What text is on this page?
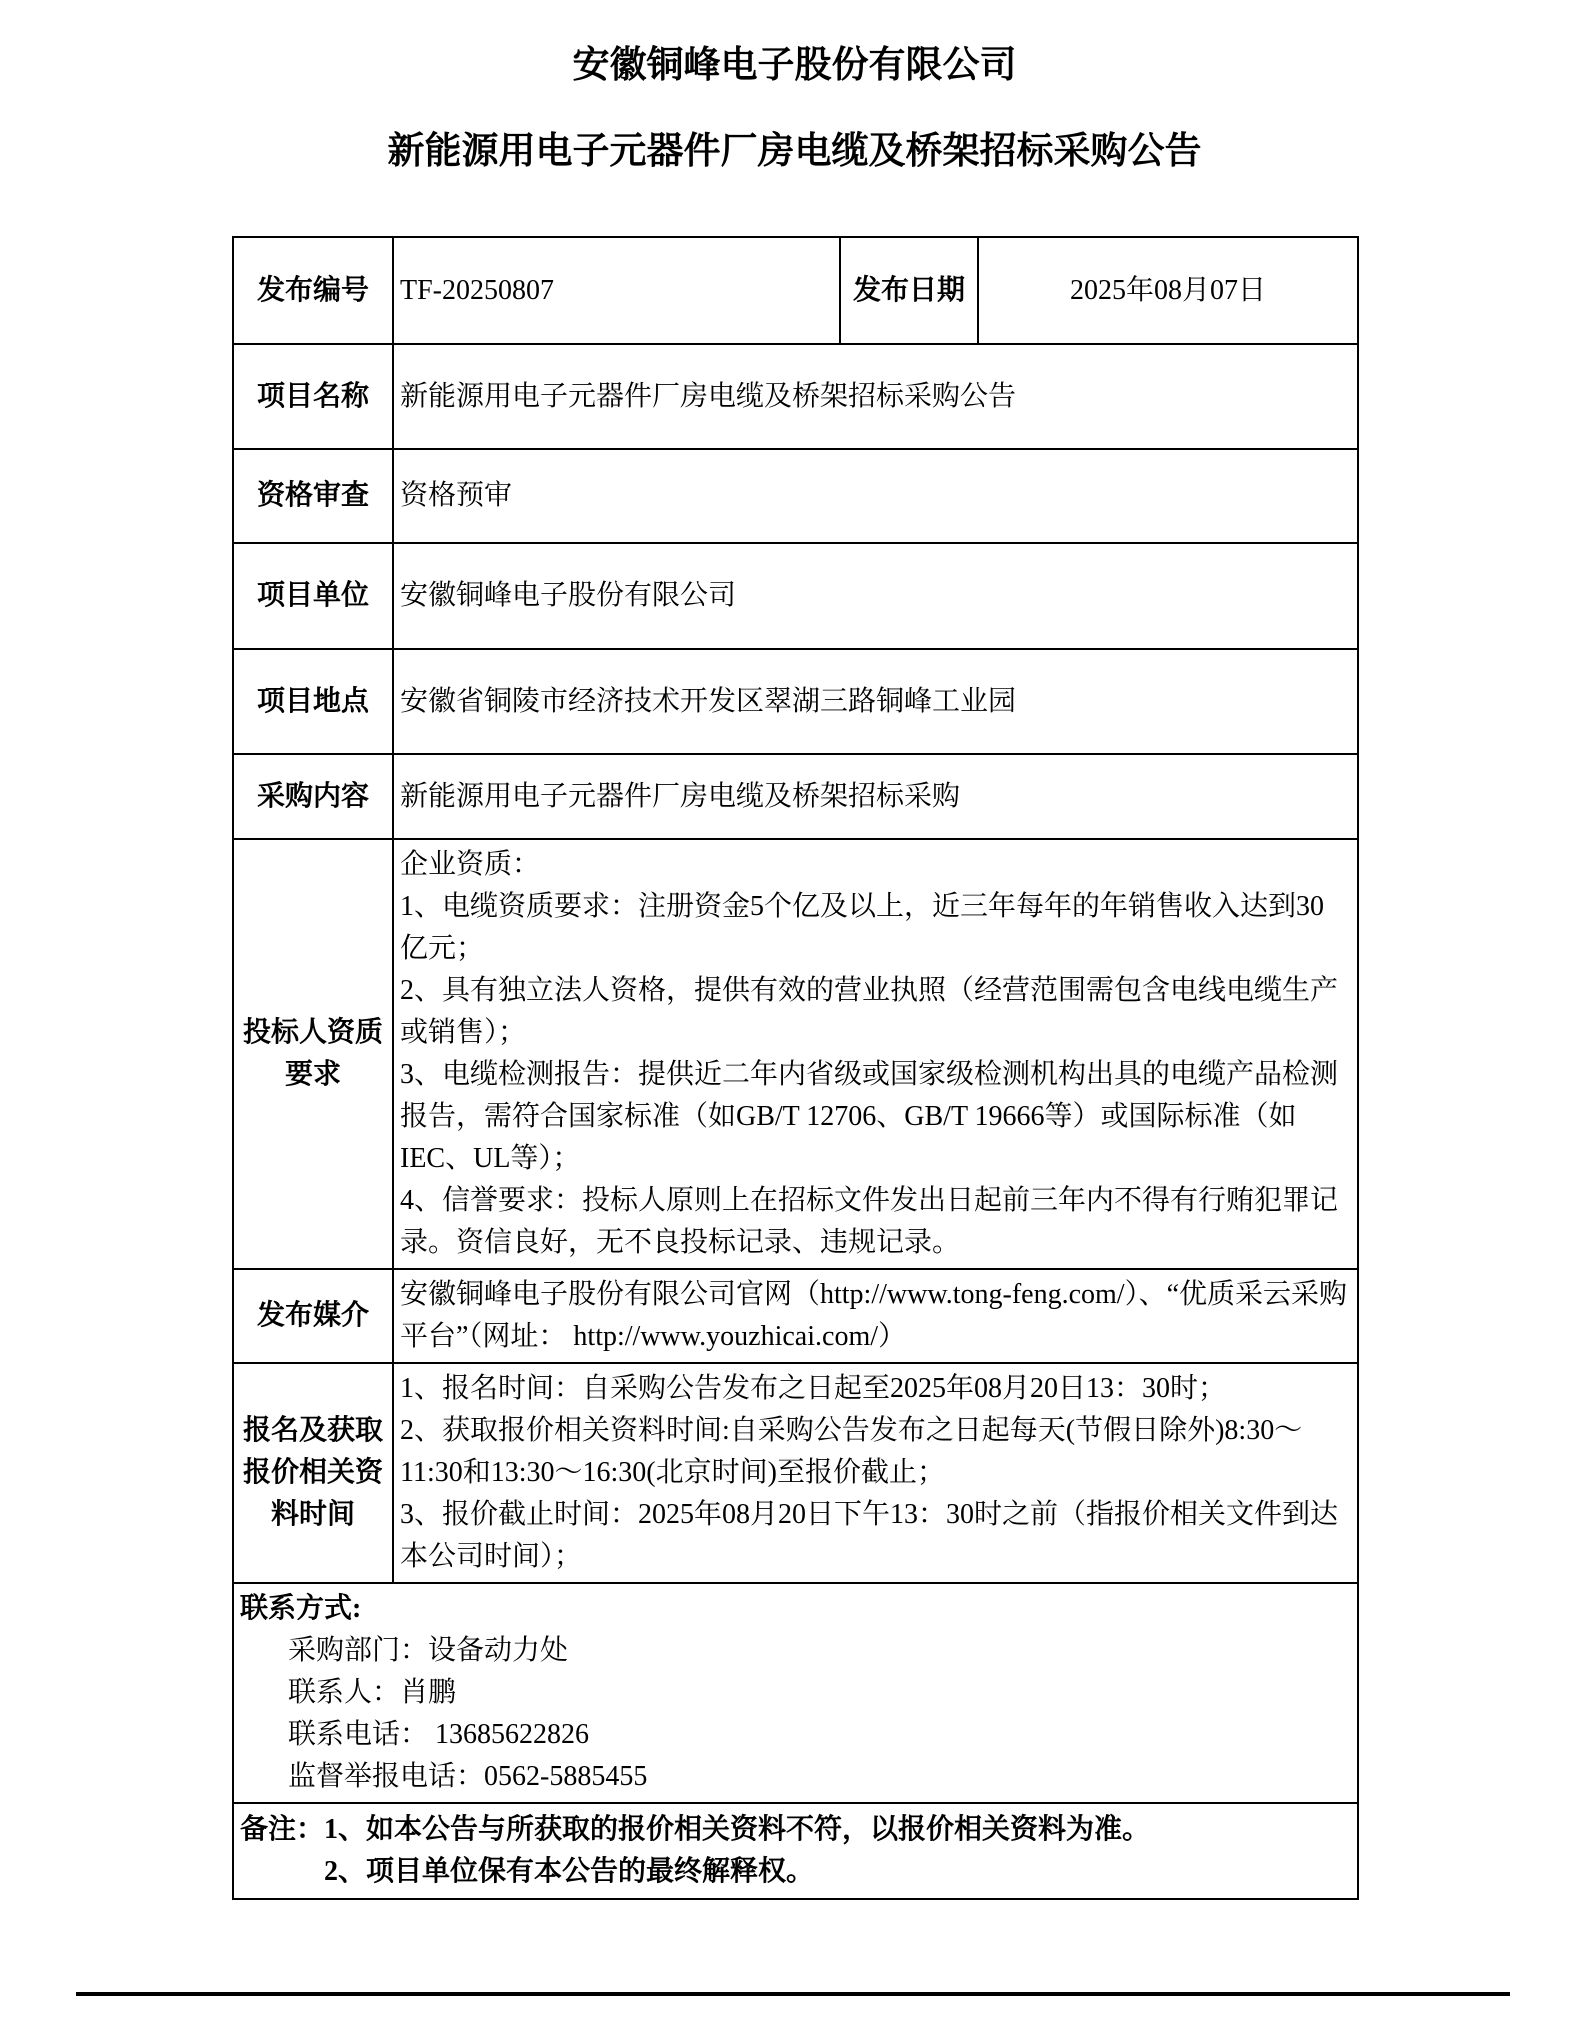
安徽铜峰电子股份有限公司
新能源用电子元器件厂房电缆及桥架招标采购公告
发布编号	TF-20250807	发布日期	2025年08月07日
项目名称	新能源用电子元器件厂房电缆及桥架招标采购公告		
资格审查	资格预审		
项目单位	安徽铜峰电子股份有限公司		
项目地点	安徽省铜陵市经济技术开发区翠湖三路铜峰工业园		
采购内容	新能源用电子元器件厂房电缆及桥架招标采购		
投标人资质要求	企业资质：

1、电缆资质要求：注册资金5个亿及以上，近三年每年的年销售收入达到30亿元；

2、具有独立法人资格，提供有效的营业执照（经营范围需包含电线电缆生产或销售）；

3、电缆检测报告：提供近二年内省级或国家级检测机构出具的电缆产品检测报告，需符合国家标准（如GB/T 12706、GB/T 19666等）或国际标准（如IEC、UL等）；

4、信誉要求：投标人原则上在招标文件发出日起前三年内不得有行贿犯罪记录。资信良好，无不良投标记录、违规记录。		

发布媒介	安徽铜峰电子股份有限公司官网（http://www.tong-feng.com/）、“优质采云采购平台”（网址： http://www.youzhicai.com/）		
报名及获取报价相关资料时间	1、报名时间：自采购公告发布之日起至2025年08月20日13：30时；

2、获取报价相关资料时间:自采购公告发布之日起每天(节假日除外)8:30～11:30和13:30～16:30(北京时间)至报价截止；

3、报价截止时间：2025年08月20日下午13：30时之前（指报价相关文件到达本公司时间）；		

联系方式:
采购部门：设备动力处
联系人：肖鹏
联系电话： 13685622826
监督举报电话：0562-5885455			

备注：1、如本公告与所获取的报价相关资料不符，以报价相关资料为准。
2、项目单位保有本公告的最终解释权。			
